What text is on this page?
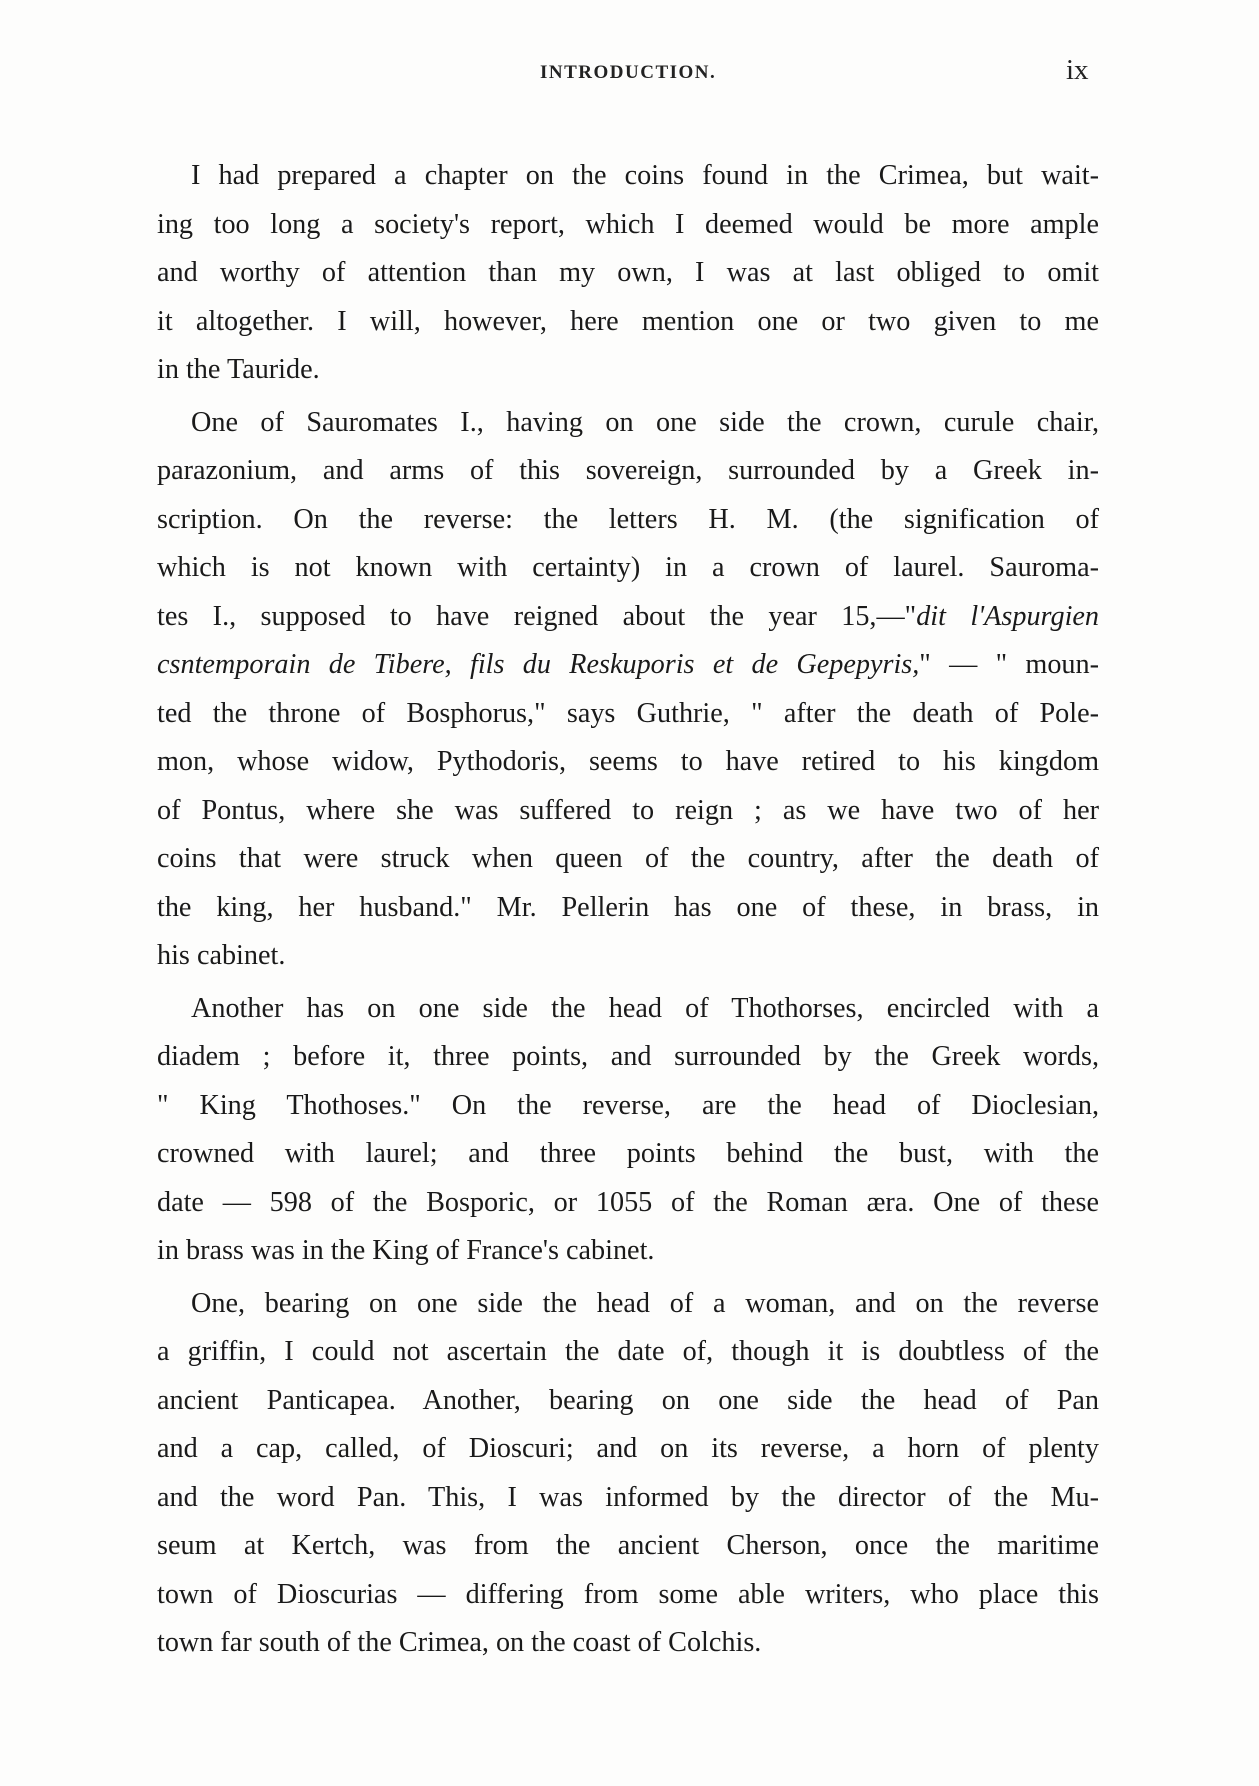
INTRODUCTION.	ix

I had prepared a chapter on the coins found in the Crimea, but wait-
ing too long a society's report, which I deemed would be more ample
and worthy of attention than my own, I was at last obliged to omit
it altogether. I will, however, here mention one or two given to me
in the Tauride.

One of Sauromates I., having on one side the crown, curule chair,
parazonium, and arms of this sovereign, surrounded by a Greek in-
scription. On the reverse: the letters H. M. (the signification of
which is not known with certainty) in a crown of laurel. Sauroma-
tes I., supposed to have reigned about the year 15,—"dit l'Aspurgien
csntemporain de Tibere, fils du Reskuporis et de Gepepyris," — " moun-
ted the throne of Bosphorus," says Guthrie, " after the death of Pole-
mon, whose widow, Pythodoris, seems to have retired to his kingdom
of Pontus, where she was suffered to reign ; as we have two of her
coins that were struck when queen of the country, after the death of
the king, her husband." Mr. Pellerin has one of these, in brass, in
his cabinet.

Another has on one side the head of Thothorses, encircled with a
diadem ; before it, three points, and surrounded by the Greek words,
" King Thothoses." On the reverse, are the head of Dioclesian,
crowned with laurel; and three points behind the bust, with the
date — 598 of the Bosporic, or 1055 of the Roman æra. One of these
in brass was in the King of France's cabinet.

One, bearing on one side the head of a woman, and on the reverse
a griffin, I could not ascertain the date of, though it is doubtless of the
ancient Panticapea. Another, bearing on one side the head of Pan
and a cap, called, of Dioscuri; and on its reverse, a horn of plenty
and the word Pan. This, I was informed by the director of the Mu-
seum at Kertch, was from the ancient Cherson, once the maritime
town of Dioscurias — differing from some able writers, who place this
town far south of the Crimea, on the coast of Colchis.
